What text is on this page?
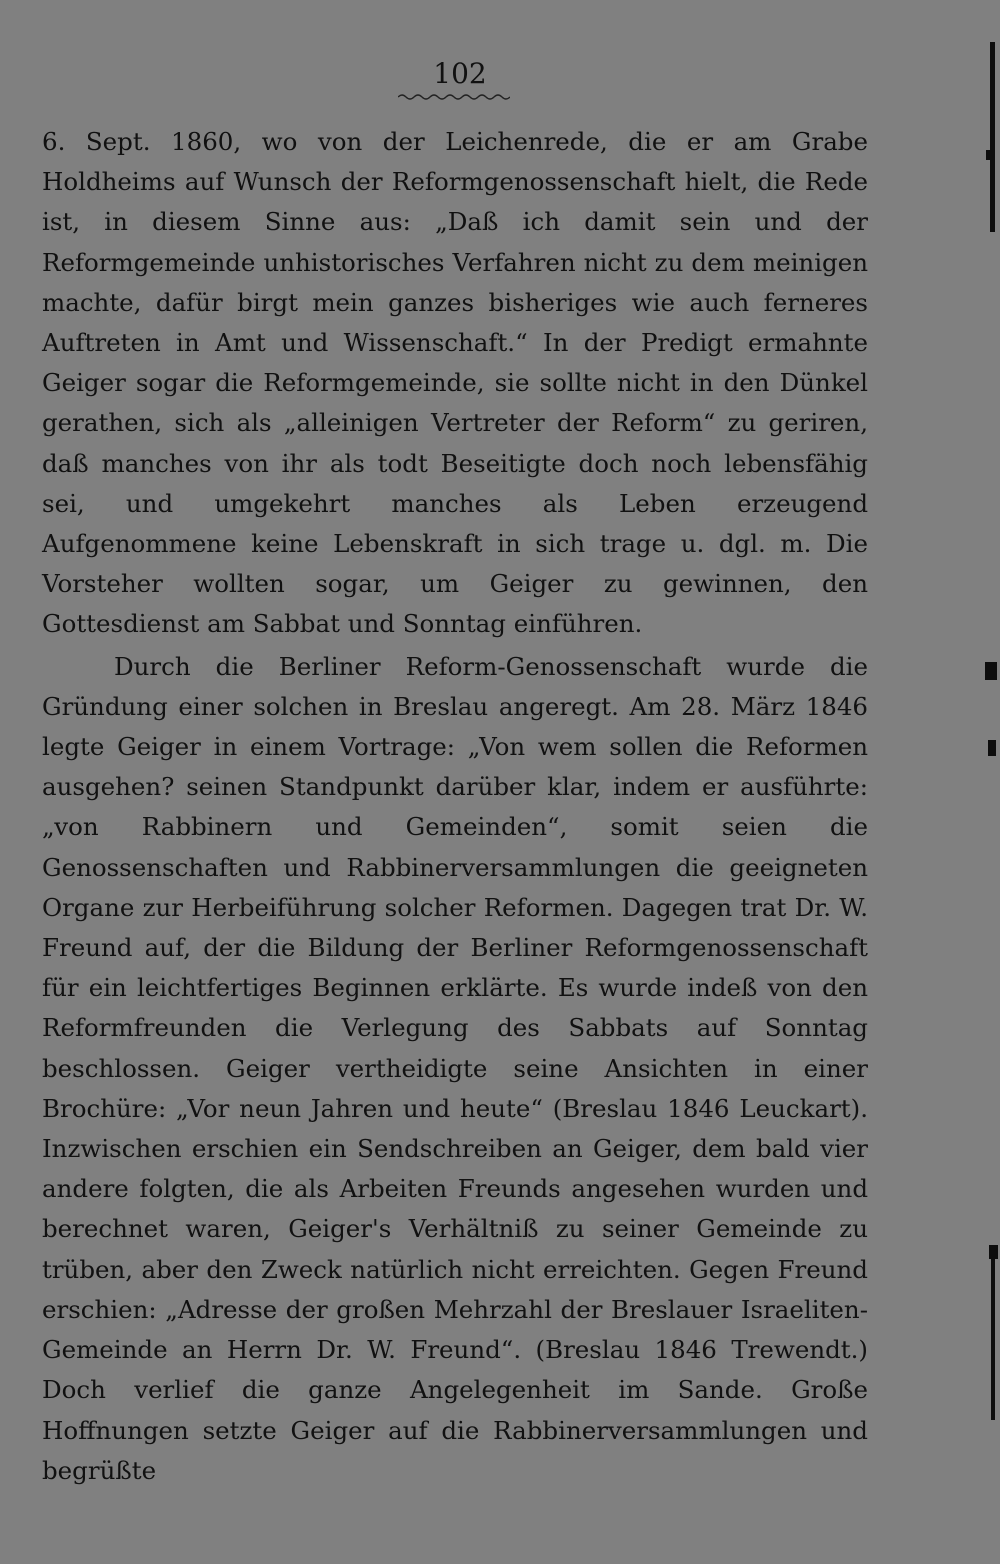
102

6. Sept. 1860, wo von der Leichenrede, die er am Grabe Holdheims auf Wunsch der Reformgenossenschaft hielt, die Rede ist, in diesem Sinne aus: „Daß ich damit sein und der Reformgemeinde unhistorisches Verfahren nicht zu dem meinigen machte, dafür birgt mein ganzes bisheriges wie auch ferneres Auftreten in Amt und Wissenschaft.“ In der Predigt ermahnte Geiger sogar die Reformgemeinde, sie sollte nicht in den Dünkel gerathen, sich als „alleinigen Vertreter der Reform“ zu geriren, daß manches von ihr als todt Beseitigte doch noch lebensfähig sei, und umgekehrt manches als Leben erzeugend Aufgenommene keine Lebenskraft in sich trage u. dgl. m. Die Vorsteher wollten sogar, um Geiger zu gewinnen, den Gottesdienst am Sabbat und Sonntag einführen.

Durch die Berliner Reform-Genossenschaft wurde die Gründung einer solchen in Breslau angeregt. Am 28. März 1846 legte Geiger in einem Vortrage: „Von wem sollen die Reformen ausgehen? seinen Standpunkt darüber klar, indem er ausführte: „von Rabbinern und Gemeinden“, somit seien die Genossenschaften und Rabbinerversammlungen die geeigneten Organe zur Herbeiführung solcher Reformen. Dagegen trat Dr. W. Freund auf, der die Bildung der Berliner Reformgenossenschaft für ein leichtfertiges Beginnen erklärte. Es wurde indeß von den Reformfreunden die Verlegung des Sabbats auf Sonntag beschlossen. Geiger vertheidigte seine Ansichten in einer Brochüre: „Vor neun Jahren und heute“ (Breslau 1846 Leuckart). Inzwischen erschien ein Sendschreiben an Geiger, dem bald vier andere folgten, die als Arbeiten Freunds angesehen wurden und berechnet waren, Geiger's Verhältniß zu seiner Gemeinde zu trüben, aber den Zweck natürlich nicht erreichten. Gegen Freund erschien: „Adresse der großen Mehrzahl der Breslauer Israeliten-Gemeinde an Herrn Dr. W. Freund“. (Breslau 1846 Trewendt.) Doch verlief die ganze Angelegenheit im Sande. Große Hoffnungen setzte Geiger auf die Rabbinerversammlungen und begrüßte
